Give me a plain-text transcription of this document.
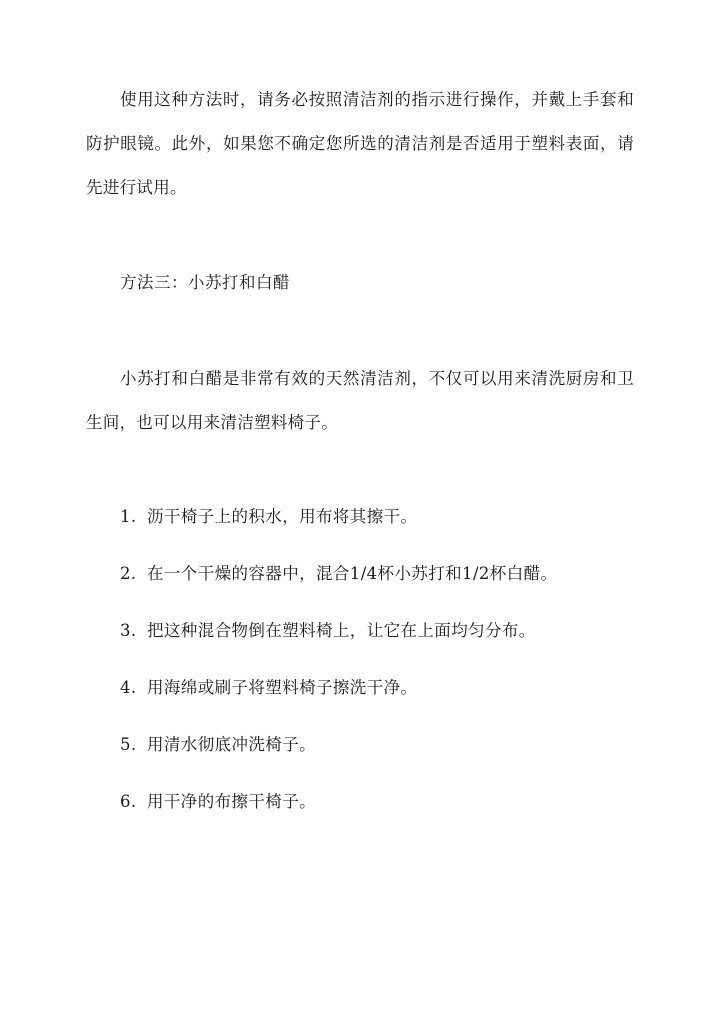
使用这种方法时，请务必按照清洁剂的指示进行操作，并戴上手套和防护眼镜。此外，如果您不确定您所选的清洁剂是否适用于塑料表面，请先进行试用。

方法三：小苏打和白醋

小苏打和白醋是非常有效的天然清洁剂，不仅可以用来清洗厨房和卫生间，也可以用来清洁塑料椅子。

1. 沥干椅子上的积水，用布将其擦干。
2. 在一个干燥的容器中，混合1/4杯小苏打和1/2杯白醋。
3. 把这种混合物倒在塑料椅上，让它在上面均匀分布。
4. 用海绵或刷子将塑料椅子擦洗干净。
5. 用清水彻底冲洗椅子。
6. 用干净的布擦干椅子。
